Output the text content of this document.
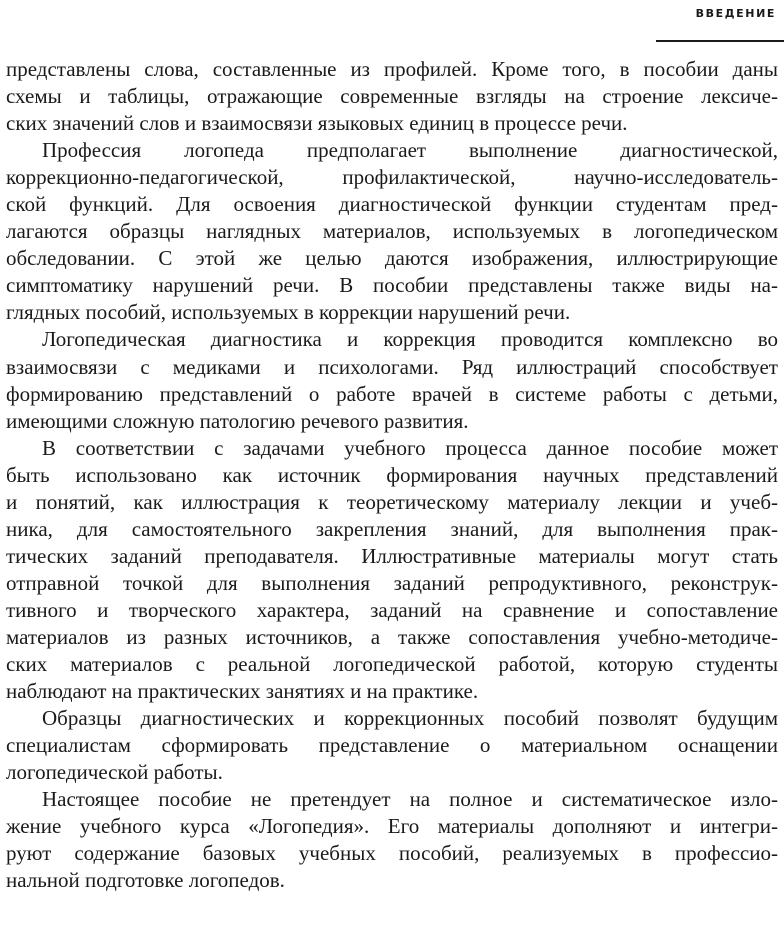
ВВЕДЕНИЕ
представлены слова, составленные из профилей. Кроме того, в пособии даны
схемы и таблицы, отражающие современные взгляды на строение лексиче-
ских значений слов и взаимосвязи языковых единиц в процессе речи.
Профессия логопеда предполагает выполнение диагностической,
коррекционно-педагогической, профилактической, научно-исследователь-
ской функций. Для освоения диагностической функции студентам пред-
лагаются образцы наглядных материалов, используемых в логопедическом
обследовании. С этой же целью даются изображения, иллюстрирующие
симптоматику нарушений речи. В пособии представлены также виды на-
глядных пособий, используемых в коррекции нарушений речи.
Логопедическая диагностика и коррекция проводится комплексно во
взаимосвязи с медиками и психологами. Ряд иллюстраций способствует
формированию представлений о работе врачей в системе работы с детьми,
имеющими сложную патологию речевого развития.
В соответствии с задачами учебного процесса данное пособие может
быть использовано как источник формирования научных представлений
и понятий, как иллюстрация к теоретическому материалу лекции и учеб-
ника, для самостоятельного закрепления знаний, для выполнения прак-
тических заданий преподавателя. Иллюстративные материалы могут стать
отправной точкой для выполнения заданий репродуктивного, реконструк-
тивного и творческого характера, заданий на сравнение и сопоставление
материалов из разных источников, а также сопоставления учебно-методиче-
ских материалов с реальной логопедической работой, которую студенты
наблюдают на практических занятиях и на практике.
Образцы диагностических и коррекционных пособий позволят будущим
специалистам сформировать представление о материальном оснащении
логопедической работы.
Настоящее пособие не претендует на полное и систематическое изло-
жение учебного курса «Логопедия». Его материалы дополняют и интегри-
руют содержание базовых учебных пособий, реализуемых в профессио-
нальной подготовке логопедов.
